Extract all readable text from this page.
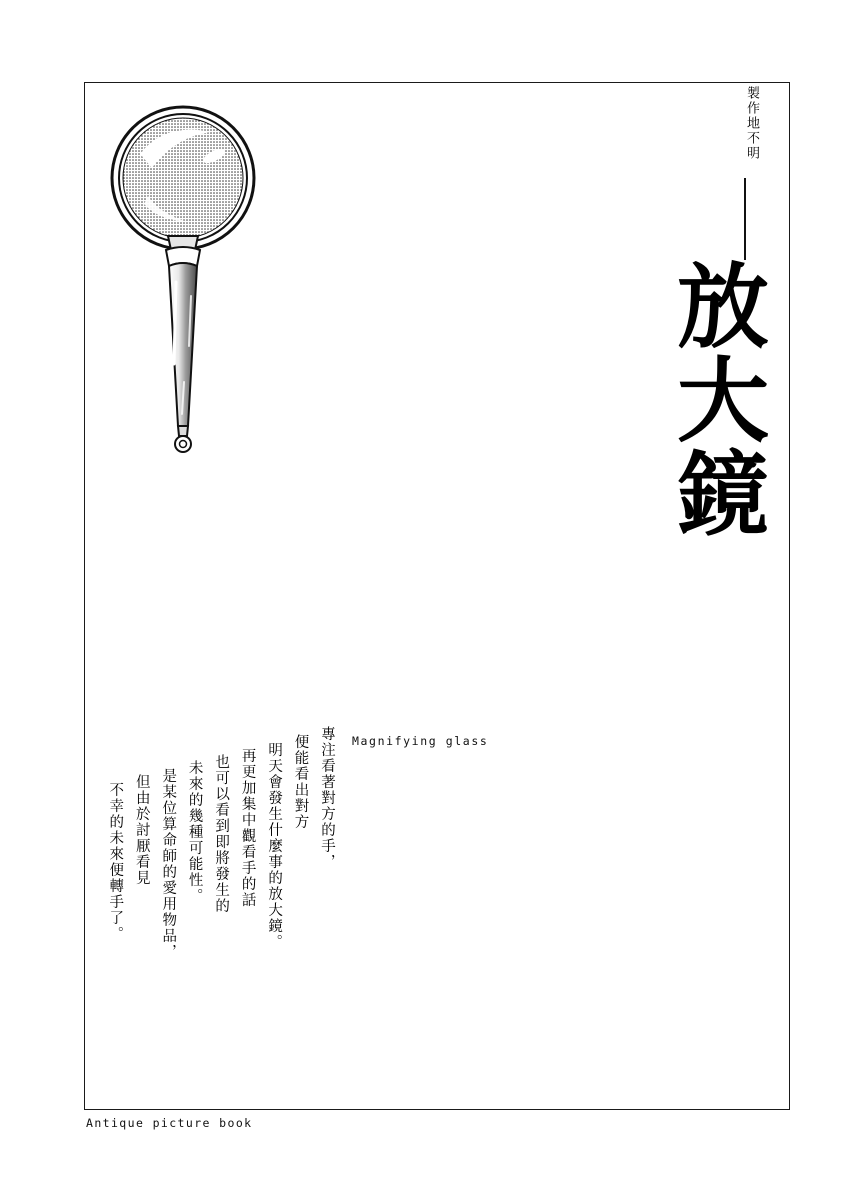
製作地不明
放大鏡
Magnifying glass
專注看著對方的手，
便能看出對方
明天會發生什麼事的放大鏡。
再更加集中觀看手的話
也可以看到即將發生的
未來的幾種可能性。
是某位算命師的愛用物品，
但由於討厭看見
不幸的未來便轉手了。
Antique picture book
